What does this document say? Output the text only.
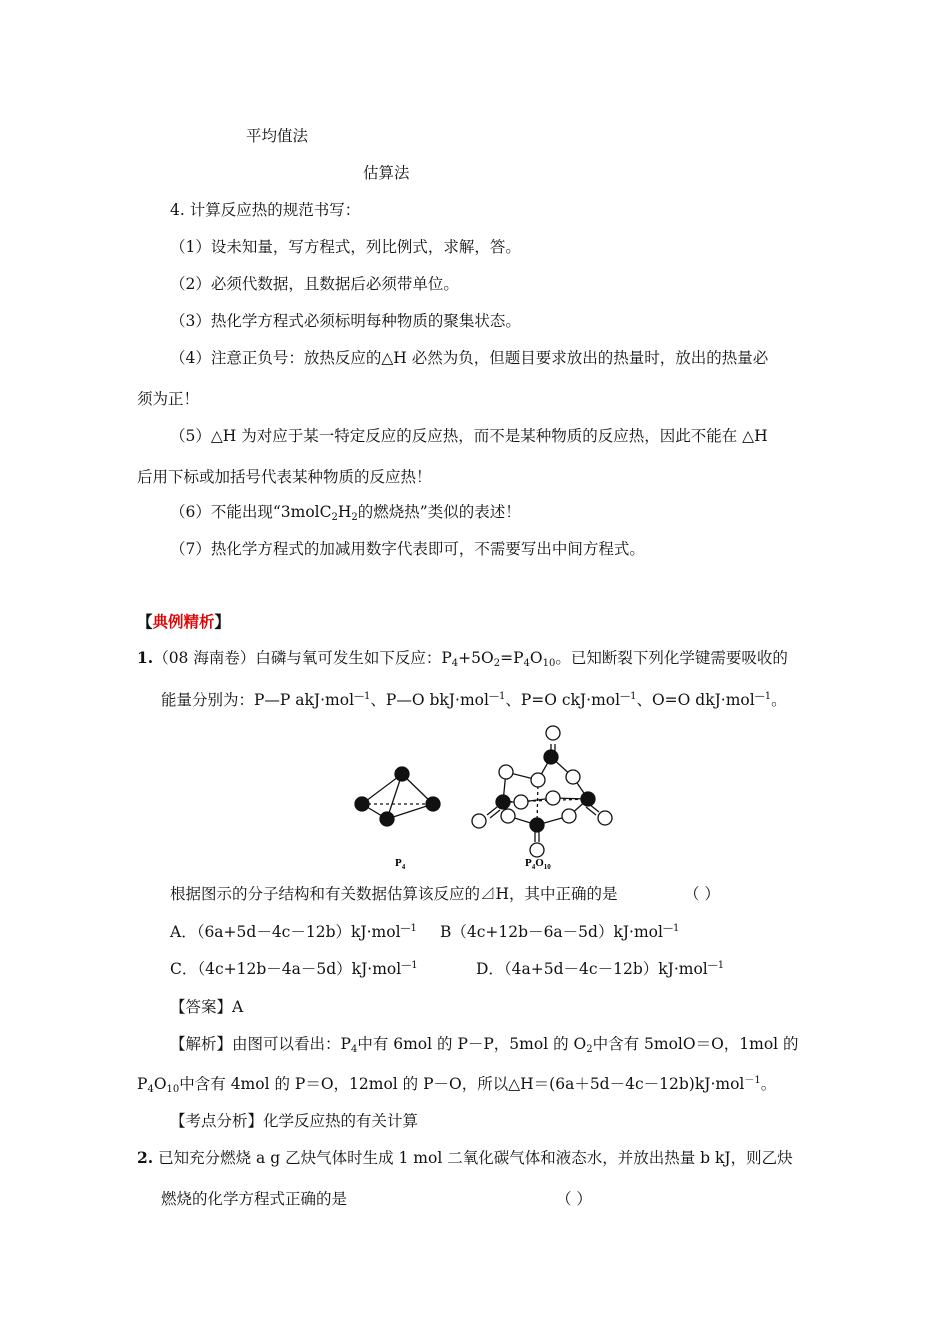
平均值法
估算法
4. 计算反应热的规范书写：
（1）设未知量，写方程式，列比例式，求解，答。
（2）必须代数据，且数据后必须带单位。
（3）热化学方程式必须标明每种物质的聚集状态。
（4）注意正负号：放热反应的△H 必然为负，但题目要求放出的热量时，放出的热量必
须为正！
（5）△H 为对应于某一特定反应的反应热，而不是某种物质的反应热，因此不能在 △H
后用下标或加括号代表某种物质的反应热！
（6）不能出现“$3molC_2H_2$的燃烧热”类似的表述！
（7）热化学方程式的加减用数字代表即可，不需要写出中间方程式。
【典例精析】
1.（08 海南卷）白磷与氧可发生如下反应：$P_4+5O_2=P_4O_{10}$。已知断裂下列化学键需要吸收的
能量分别为：P—P akJ·mol$^{—1}$、P—O bkJ·mol$^{—1}$、P=O ckJ·mol$^{—1}$、O=O dkJ·mol$^{—1}$。
$P_4$	$P_4O_{10}$
根据图示的分子结构和有关数据估算该反应的⊿H，其中正确的是	（ ）
A．（6a+5d－4c－12b）kJ·mol$^{—1}$ B（4c+12b－6a－5d）kJ·mol$^{—1}$
C．（4c+12b－4a－5d）kJ·mol$^{—1}$	D．（4a+5d－4c－12b）kJ·mol$^{—1}$
【答案】A
【解析】由图可以看出：$P_4$中有 6mol 的 P－P，5mol 的 $O_2$中含有 5molO＝O，1mol 的
$P_4O_{10}$中含有 4mol 的 P＝O，12mol 的 P－O，所以△H＝(6a＋5d－4c－12b)kJ·mol$^{-1}$。
【考点分析】化学反应热的有关计算
2. 已知充分燃烧 a g 乙炔气体时生成 1 mol 二氧化碳气体和液态水，并放出热量 b kJ，则乙炔
燃烧的化学方程式正确的是	（ ）
